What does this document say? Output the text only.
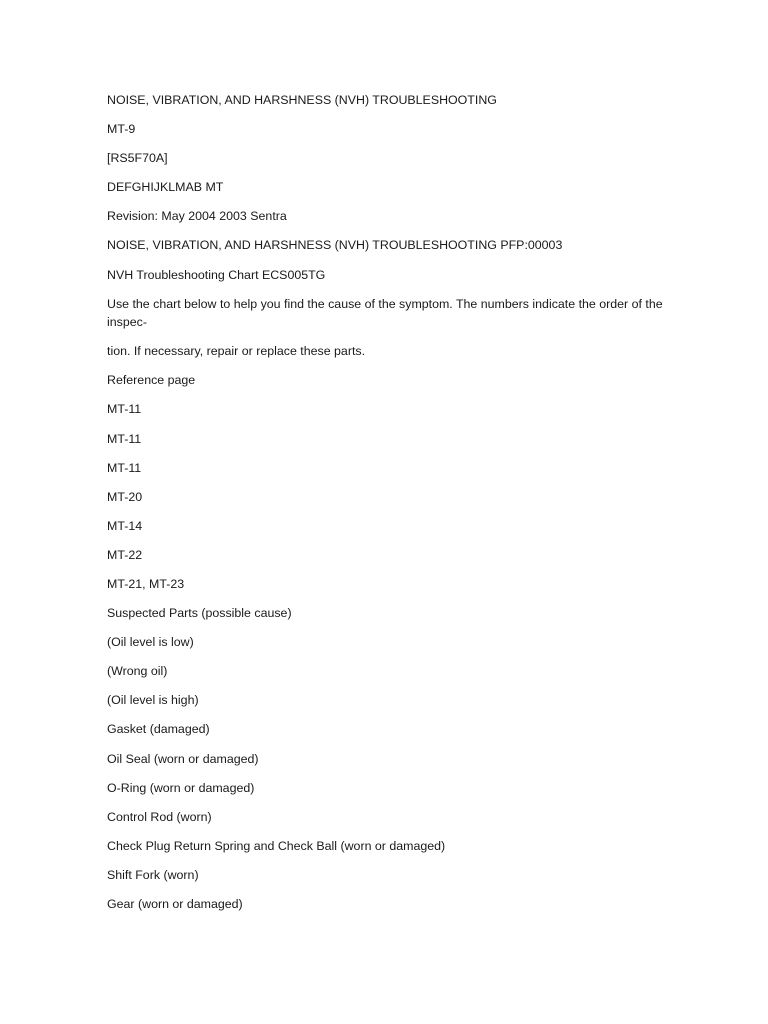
NOISE, VIBRATION, AND HARSHNESS (NVH) TROUBLESHOOTING

MT-9

[RS5F70A]

DEFGHIJKLMAB MT

Revision: May 2004 2003 Sentra

NOISE, VIBRATION, AND HARSHNESS (NVH) TROUBLESHOOTING PFP:00003

NVH Troubleshooting Chart ECS005TG

Use the chart below to help you find the cause of the symptom. The numbers indicate the order of the inspec-

tion. If necessary, repair or replace these parts.

Reference page

MT-11

MT-11

MT-11

MT-20

MT-14

MT-22

MT-21, MT-23

Suspected Parts (possible cause)

(Oil level is low)

(Wrong oil)

(Oil level is high)

Gasket (damaged)

Oil Seal (worn or damaged)

O-Ring (worn or damaged)

Control Rod (worn)

Check Plug Return Spring and Check Ball (worn or damaged)

Shift Fork (worn)

Gear (worn or damaged)
